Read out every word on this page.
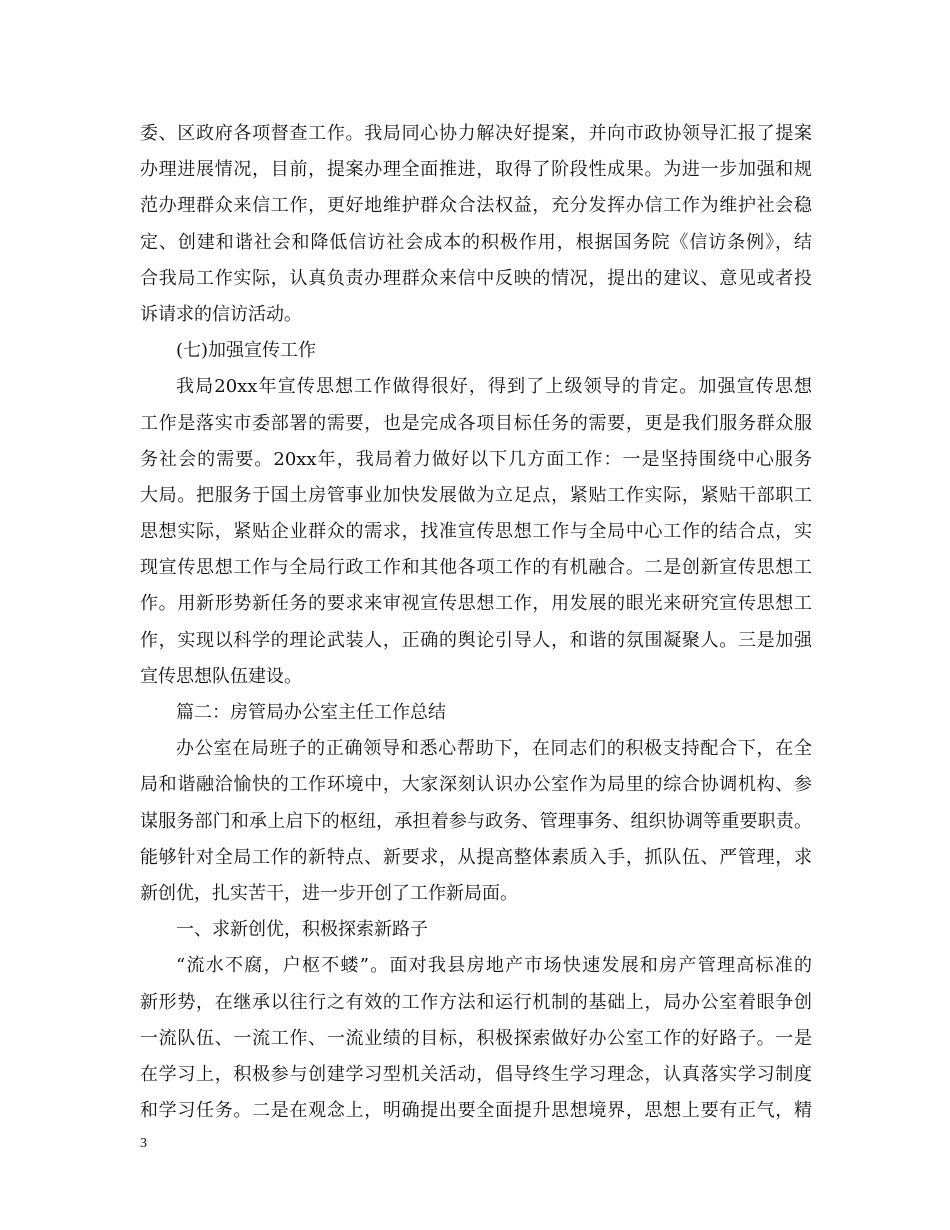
委、区政府各项督查工作。我局同心协力解决好提案，并向市政协领导汇报了提案
办理进展情况，目前，提案办理全面推进，取得了阶段性成果。为进一步加强和规
范办理群众来信工作，更好地维护群众合法权益，充分发挥办信工作为维护社会稳
定、创建和谐社会和降低信访社会成本的积极作用，根据国务院《信访条例》，结
合我局工作实际，认真负责办理群众来信中反映的情况，提出的建议、意见或者投
诉请求的信访活动。
(七)加强宣传工作
我局20xx年宣传思想工作做得很好，得到了上级领导的肯定。加强宣传思想
工作是落实市委部署的需要，也是完成各项目标任务的需要，更是我们服务群众服
务社会的需要。20xx年，我局着力做好以下几方面工作：一是坚持围绕中心服务
大局。把服务于国土房管事业加快发展做为立足点，紧贴工作实际，紧贴干部职工
思想实际，紧贴企业群众的需求，找准宣传思想工作与全局中心工作的结合点，实
现宣传思想工作与全局行政工作和其他各项工作的有机融合。二是创新宣传思想工
作。用新形势新任务的要求来审视宣传思想工作，用发展的眼光来研究宣传思想工
作，实现以科学的理论武装人，正确的舆论引导人，和谐的氛围凝聚人。三是加强
宣传思想队伍建设。
篇二：房管局办公室主任工作总结
办公室在局班子的正确领导和悉心帮助下，在同志们的积极支持配合下，在全
局和谐融洽愉快的工作环境中，大家深刻认识办公室作为局里的综合协调机构、参
谋服务部门和承上启下的枢纽，承担着参与政务、管理事务、组织协调等重要职责。
能够针对全局工作的新特点、新要求，从提高整体素质入手，抓队伍、严管理，求
新创优，扎实苦干，进一步开创了工作新局面。
一、求新创优，积极探索新路子
“流水不腐，户枢不蝼”。面对我县房地产市场快速发展和房产管理高标准的
新形势，在继承以往行之有效的工作方法和运行机制的基础上，局办公室着眼争创
一流队伍、一流工作、一流业绩的目标，积极探索做好办公室工作的好路子。一是
在学习上，积极参与创建学习型机关活动，倡导终生学习理念，认真落实学习制度
和学习任务。二是在观念上，明确提出要全面提升思想境界，思想上要有正气，精
3
